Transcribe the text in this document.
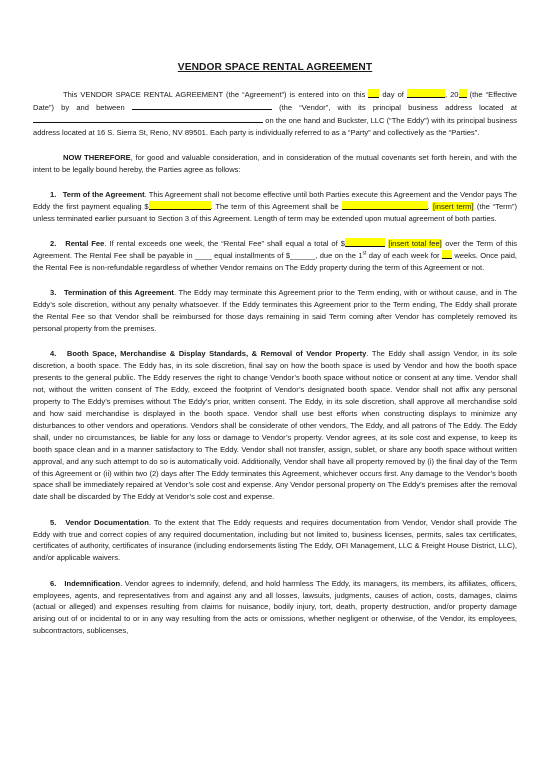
VENDOR SPACE RENTAL AGREEMENT

This VENDOR SPACE RENTAL AGREEMENT (the “Agreement”) is entered into on this day of	, 20 (the “Effective Date”) by and between	(the “Vendor”, with its principal business address located at  on the one hand and Buckster, LLC (“The Eddy”) with its principal business address located at 16 S. Sierra St, Reno, NV 89501. Each party is individually referred to as a “Party” and collectively as the “Parties”.

NOW THEREFORE, for good and valuable consideration, and in consideration of the mutual covenants set forth herein, and with the intent to be legally bound hereby, the Parties agree as follows:

1. Term of the Agreement. This Agreement shall not become effective until both Parties execute this Agreement and the Vendor pays The Eddy the first payment equaling $	. The term of this Agreement shall be	. [insert term] (the “Term”) unless terminated earlier pursuant to Section 3 of this Agreement. Length of term may be extended upon mutual agreement of both parties.

2. Rental Fee. If rental exceeds one week, the “Rental Fee” shall equal a total of $	[insert total fee] over the Term of this Agreement. The Rental Fee shall be payable in ____ equal installments of $______, due on the 1st day of each week for  weeks. Once paid, the Rental Fee is non-refundable regardless of whether Vendor remains on The Eddy property during the term of this Agreement or not.

3. Termination of this Agreement. The Eddy may terminate this Agreement prior to the Term ending, with or without cause, and in The Eddy’s sole discretion, without any penalty whatsoever. If the Eddy terminates this Agreement prior to the Term ending, The Eddy shall prorate the Rental Fee so that Vendor shall be reimbursed for those days remaining in said Term coming after Vendor has completely removed its personal property from the premises.

4. Booth Space, Merchandise & Display Standards, & Removal of Vendor Property. The Eddy shall assign Vendor, in its sole discretion, a booth space. The Eddy has, in its sole discretion, final say on how the booth space is used by Vendor and how the booth space presents to the general public. The Eddy reserves the right to change Vendor’s booth space without notice or consent at any time. Vendor shall not, without the written consent of The Eddy, exceed the footprint of Vendor’s designated booth space. Vendor shall not affix any personal property to The Eddy’s premises without The Eddy’s prior, written consent. The Eddy, in its sole discretion, shall approve all merchandise sold and how said merchandise is displayed in the booth space. Vendor shall use best efforts when constructing displays to minimize any disturbances to other vendors and operations. Vendors shall be considerate of other vendors, The Eddy, and all patrons of The Eddy. The Eddy shall, under no circumstances, be liable for any loss or damage to Vendor’s property. Vendor agrees, at its sole cost and expense, to keep its booth space clean and in a manner satisfactory to The Eddy. Vendor shall not transfer, assign, sublet, or share any booth space without written approval, and any such attempt to do so is automatically void. Additionally, Vendor shall have all property removed by (i) the final day of the Term of this Agreement or (ii) within two (2) days after The Eddy terminates this Agreement, whichever occurs first. Any damage to the Vendor’s booth space shall be immediately repaired at Vendor’s sole cost and expense. Any Vendor personal property on The Eddy’s premises after the removal date shall be discarded by The Eddy at Vendor’s sole cost and expense.

5. Vendor Documentation. To the extent that The Eddy requests and requires documentation from Vendor, Vendor shall provide The Eddy with true and correct copies of any required documentation, including but not limited to, business licenses, permits, sales tax certificates, certificates of authority, certificates of insurance (including endorsements listing The Eddy, OFI Management, LLC & Freight House District, LLC), and/or applicable waivers.

6. Indemnification. Vendor agrees to indemnify, defend, and hold harmless The Eddy, its managers, its members, its affiliates, officers, employees, agents, and representatives from and against any and all losses, lawsuits, judgments, causes of action, costs, damages, claims (actual or alleged) and expenses resulting from claims for nuisance, bodily injury, tort, death, property destruction, and/or property damage arising out of or incidental to or in any way resulting from the acts or omissions, whether negligent or otherwise, of the Vendor, its employees, subcontractors, sublicenses,
